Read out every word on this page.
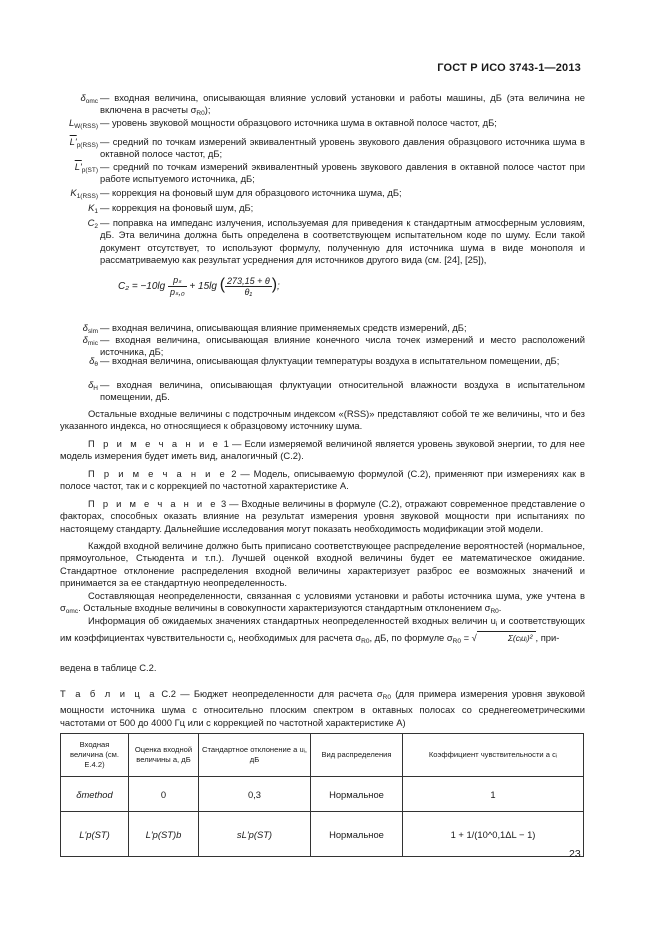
ГОСТ Р ИСО 3743-1—2013
$\delta_{omc}$ — входная величина, описывающая влияние условий установки и работы машины, дБ (эта величина не включена в расчеты $\sigma_{R0}$);
$L_{W(RSS)}$ — уровень звуковой мощности образцового источника шума в октавной полосе частот, дБ;
$L'_{p(RSS)}$ — средний по точкам измерений эквивалентный уровень звукового давления образцового источника шума в октавной полосе частот, дБ;
$L'_{p(ST)}$ — средний по точкам измерений эквивалентный уровень звукового давления в октавной полосе частот при работе испытуемого источника, дБ;
$K_{1(RSS)}$ — коррекция на фоновый шум для образцового источника шума, дБ;
$K_1$ — коррекция на фоновый шум, дБ;
$C_2$ — поправка на импеданс излучения, используемая для приведения к стандартным атмосферным условиям, дБ. Эта величина должна быть определена в соответствующем испытательном коде по шуму. Если такой документ отсутствует, то используют формулу, полученную для источника шума в виде монополя и рассматриваемую как результат усреднения для источников другого вида (см. [24], [25]),
$C_2 = -10\lg \frac{\text{pₛ}}{\text{pₛ,₀}} + 15\lg$ ( $\frac{273,15 + \theta}{\text{θ₁}}$ );
$\delta_{slm}$ — входная величина, описывающая влияние применяемых средств измерений, дБ;
$\delta_{mic}$ — входная величина, описывающая влияние конечного числа точек измерений и место расположений источника, дБ;
$\delta_\theta$ — входная величина, описывающая флуктуации температуры воздуха в испытательном помещении, дБ;
$\delta_H$ — входная величина, описывающая флуктуации относительной влажности воздуха в испытательном помещении, дБ.
Остальные входные величины с подстрочным индексом «(RSS)» представляют собой те же величины, что и без указанного индекса, но относящиеся к образцовому источнику шума.
П р и м е ч а н и е 1 — Если измеряемой величиной является уровень звуковой энергии, то для нее модель измерения будет иметь вид, аналогичный (С.2).
П р и м е ч а н и е 2 — Модель, описываемую формулой (С.2), применяют при измерениях как в полосе частот, так и с коррекцией по частотной характеристике А.
П р и м е ч а н и е 3 — Входные величины в формуле (С.2), отражают современное представление о факторах, способных оказать влияние на результат измерения уровня звуковой мощности при испытаниях по настоящему стандарту. Дальнейшие исследования могут показать необходимость модификации этой модели.
Каждой входной величине должно быть приписано соответствующее распределение вероятностей (нормальное, прямоугольное, Стьюдента и т.п.). Лучшей оценкой входной величины будет ее математическое ожидание. Стандартное отклонение распределения входной величины характеризует разброс ее возможных значений и принимается за ее стандартную неопределенность.
Составляющая неопределенности, связанная с условиями установки и работы источника шума, уже учтена в $\sigma_{omc}$. Остальные входные величины в совокупности характеризуются стандартным отклонением $\sigma_{R0}$.
Информация об ожидаемых значениях стандартных неопределенностей входных величин $u_i$ и соответствующих им коэффициентах чувствительности $c_i$, необходимых для расчета $\sigma_{R0}$, дБ, по формуле $\sigma_{R0}$ = √	Σ(cᵢuᵢ)² , при-
ведена в таблице С.2.
Т а б л и ц а С.2 — Бюджет неопределенности для расчета $\sigma_{R0}$ (для примера измерения уровня звуковой мощности источника шума с относительно плоским спектром в октавных полосах со среднегеометрическими частотами от 500 до 4000 Гц или с коррекцией по частотной характеристике А)
Входная величина (см. Е.4.2)	Оценка входной величины а, дБ	Стандартное отклонение а uᵢ, дБ	Вид распределения	Коэффициент чувствительности а cᵢ
δmethod	0	0,3	Нормальное	1
L'p(ST)	L'p(ST)b	sL'p(ST)	Нормальное	1 + 1/(10^0,1ΔL − 1)
23
